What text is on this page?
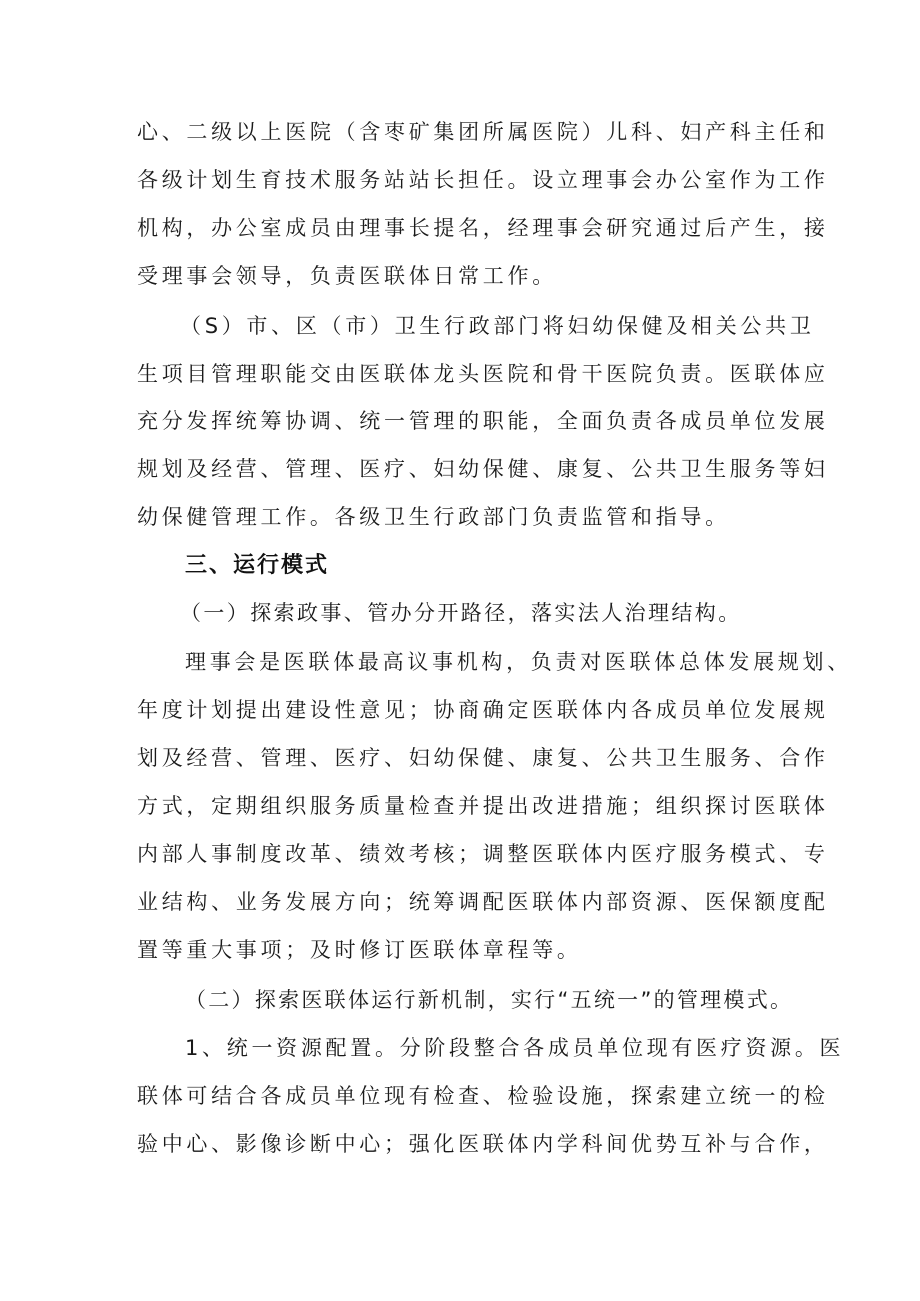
心、二级以上医院（含枣矿集团所属医院）儿科、妇产科主任和
各级计划生育技术服务站站长担任。设立理事会办公室作为工作
机构，办公室成员由理事长提名，经理事会研究通过后产生，接
受理事会领导，负责医联体日常工作。
（S）市、区（市）卫生行政部门将妇幼保健及相关公共卫
生项目管理职能交由医联体龙头医院和骨干医院负责。医联体应
充分发挥统筹协调、统一管理的职能，全面负责各成员单位发展
规划及经营、管理、医疗、妇幼保健、康复、公共卫生服务等妇
幼保健管理工作。各级卫生行政部门负责监管和指导。
三、运行模式
（一）探索政事、管办分开路径，落实法人治理结构。
理事会是医联体最高议事机构，负责对医联体总体发展规划、
年度计划提出建设性意见；协商确定医联体内各成员单位发展规
划及经营、管理、医疗、妇幼保健、康复、公共卫生服务、合作
方式，定期组织服务质量检查并提出改进措施；组织探讨医联体
内部人事制度改革、绩效考核；调整医联体内医疗服务模式、专
业结构、业务发展方向；统筹调配医联体内部资源、医保额度配
置等重大事项；及时修订医联体章程等。
（二）探索医联体运行新机制，实行“五统一”的管理模式。
1、统一资源配置。分阶段整合各成员单位现有医疗资源。医
联体可结合各成员单位现有检查、检验设施，探索建立统一的检
验中心、影像诊断中心；强化医联体内学科间优势互补与合作，
